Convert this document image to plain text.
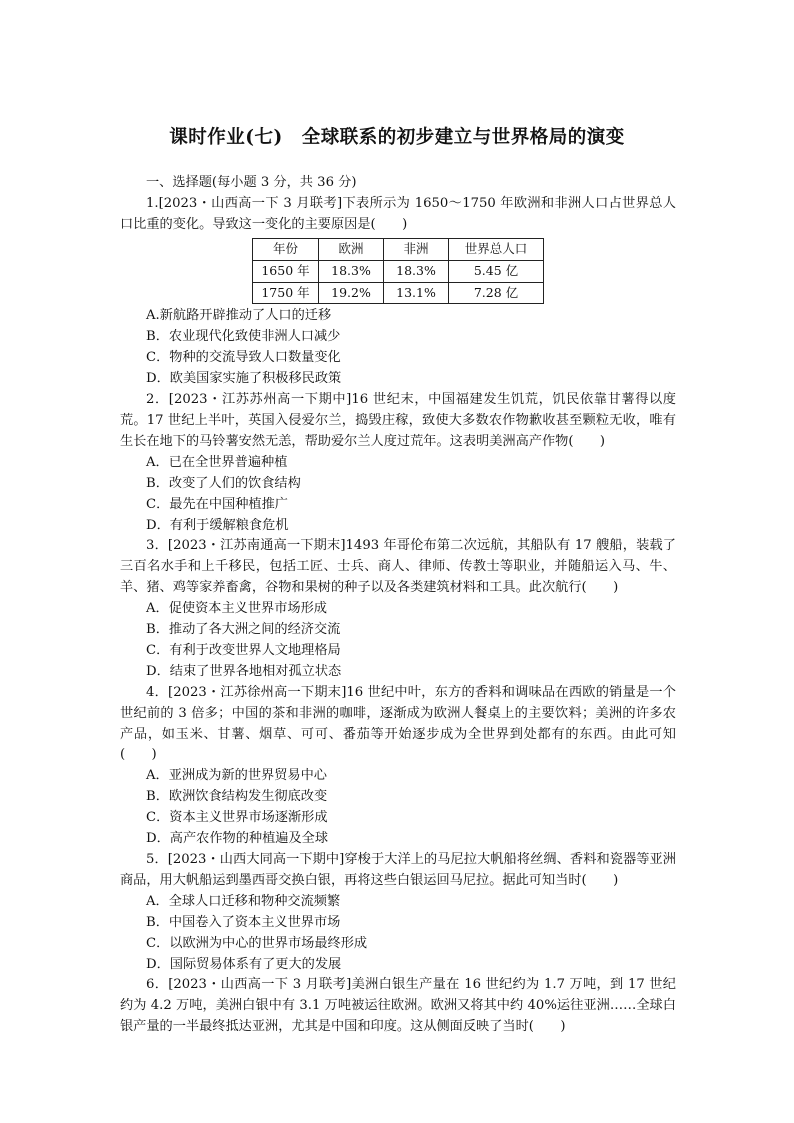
课时作业(七)　全球联系的初步建立与世界格局的演变

一、选择题(每小题 3 分，共 36 分)

1.[2023・山西高一下 3 月联考]下表所示为 1650～1750 年欧洲和非洲人口占世界总人口比重的变化。导致这一变化的主要原因是(　　)

年份	欧洲	非洲	世界总人口
1650 年	18.3%	18.3%	5.45 亿
1750 年	19.2%	13.1%	7.28 亿

A.新航路开辟推动了人口的迁移

B．农业现代化致使非洲人口减少

C．物种的交流导致人口数量变化

D．欧美国家实施了积极移民政策

2．[2023・江苏苏州高一下期中]16 世纪末，中国福建发生饥荒，饥民依靠甘薯得以度荒。17 世纪上半叶，英国入侵爱尔兰，捣毁庄稼，致使大多数农作物歉收甚至颗粒无收，唯有生长在地下的马铃薯安然无恙，帮助爱尔兰人度过荒年。这表明美洲高产作物(　　)

A．已在全世界普遍种植

B．改变了人们的饮食结构

C．最先在中国种植推广

D．有利于缓解粮食危机

3．[2023・江苏南通高一下期末]1493 年哥伦布第二次远航，其船队有 17 艘船，装载了三百名水手和上千移民，包括工匠、士兵、商人、律师、传教士等职业，并随船运入马、牛、羊、猪、鸡等家养畜禽，谷物和果树的种子以及各类建筑材料和工具。此次航行(　　)

A．促使资本主义世界市场形成

B．推动了各大洲之间的经济交流

C．有利于改变世界人文地理格局

D．结束了世界各地相对孤立状态

4．[2023・江苏徐州高一下期末]16 世纪中叶，东方的香料和调味品在西欧的销量是一个世纪前的 3 倍多；中国的茶和非洲的咖啡，逐渐成为欧洲人餐桌上的主要饮料；美洲的许多农产品，如玉米、甘薯、烟草、可可、番茄等开始逐步成为全世界到处都有的东西。由此可知(　　)

A．亚洲成为新的世界贸易中心

B．欧洲饮食结构发生彻底改变

C．资本主义世界市场逐渐形成

D．高产农作物的种植遍及全球

5．[2023・山西大同高一下期中]穿梭于大洋上的马尼拉大帆船将丝绸、香料和瓷器等亚洲商品，用大帆船运到墨西哥交换白银，再将这些白银运回马尼拉。据此可知当时(　　)

A．全球人口迁移和物种交流频繁

B．中国卷入了资本主义世界市场

C．以欧洲为中心的世界市场最终形成

D．国际贸易体系有了更大的发展

6．[2023・山西高一下 3 月联考]美洲白银生产量在 16 世纪约为 1.7 万吨，到 17 世纪约为 4.2 万吨，美洲白银中有 3.1 万吨被运往欧洲。欧洲又将其中约 40%运往亚洲……全球白银产量的一半最终抵达亚洲，尤其是中国和印度。这从侧面反映了当时(　　)
